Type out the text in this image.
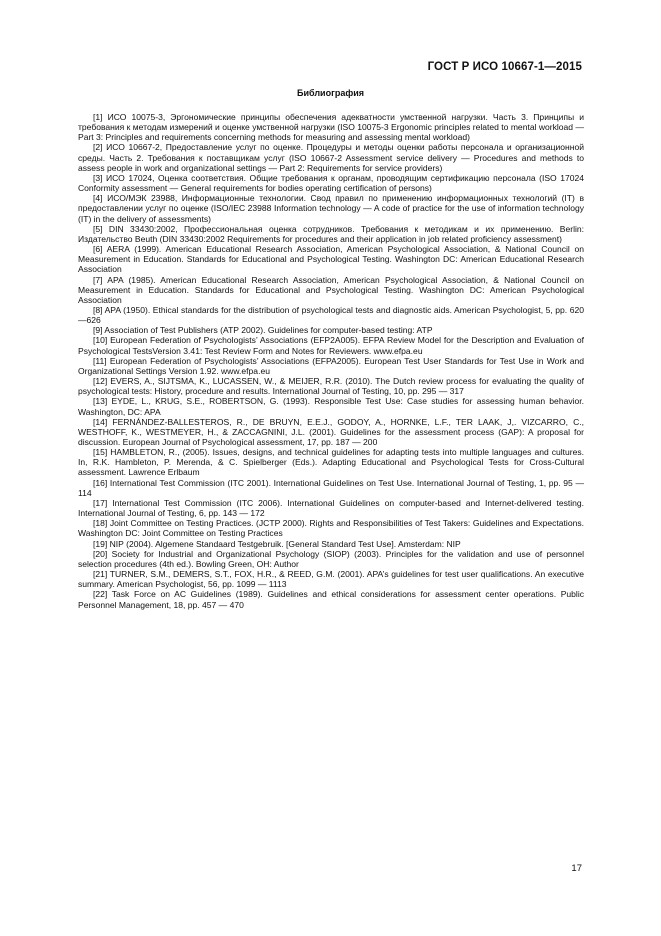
ГОСТ Р ИСО 10667-1—2015
Библиография

[1] ИСО 10075-3, Эргономические принципы обеспечения адекватности умственной нагрузки. Часть 3. Принципы и требования к методам измерений и оценке умственной нагрузки (ISO 10075-3 Ergonomic principles related to mental workload — Part 3: Principles and requirements concerning methods for measuring and assessing mental workload)

[2] ИСО 10667-2, Предоставление услуг по оценке. Процедуры и методы оценки работы персонала и организационной среды. Часть 2. Требования к поставщикам услуг (ISO 10667-2 Assessment service delivery — Procedures and methods to assess people in work and organizational settings — Part 2: Requirements for service providers)

[3] ИСО 17024, Оценка соответствия. Общие требования к органам, проводящим сертификацию персонала (ISO 17024 Conformity assessment — General requirements for bodies operating certification of persons)

[4] ИСО/МЭК 23988, Информационные технологии. Свод правил по применению информационных технологий (IT) в предоставлении услуг по оценке (ISO/IEC 23988 Information technology — A code of practice for the use of information technology (IT) in the delivery of assessments)

[5] DIN 33430:2002, Профессиональная оценка сотрудников. Требования к методикам и их применению. Berlin: Издательство Beuth (DIN 33430:2002 Requirements for procedures and their application in job related proficiency assessment)

[6] AERA (1999). American Educational Research Association, American Psychological Association, & National Council on Measurement in Education. Standards for Educational and Psychological Testing. Washington DC: American Educational Research Association

[7] APA (1985). American Educational Research Association, American Psychological Association, & National Council on Measurement in Education. Standards for Educational and Psychological Testing. Washington DC: American Psychological Association

[8] APA (1950). Ethical standards for the distribution of psychological tests and diagnostic aids. American Psychologist, 5, pp. 620—626

[9] Association of Test Publishers (ATP 2002). Guidelines for computer-based testing: ATP

[10] European Federation of Psychologists’ Associations (EFP2A005). EFPA Review Model for the Description and Evaluation of Psychological TestsVersion 3.41: Test Review Form and Notes for Reviewers. www.efpa.eu

[11] European Federation of Psychologists’ Associations (EFPA2005). European Test User Standards for Test Use in Work and Organizational Settings Version 1.92. www.efpa.eu

[12] EVERS, A., SIJTSMA, K., LUCASSEN, W., & MEIJER, R.R. (2010). The Dutch review process for evaluating the quality of psychological tests: History, procedure and results. International Journal of Testing, 10, pp. 295 — 317

[13] EYDE, L., KRUG, S.E., ROBERTSON, G. (1993). Responsible Test Use: Case studies for assessing human behavior. Washington, DC: APA

[14] FERNÁNDEZ-BALLESTEROS, R., DE BRUYN, E.E.J., GODOY, A., HORNKE, L.F., TER LAAK, J,. VIZCARRO, C., WESTHOFF, K., WESTMEYER, H., & ZACCAGNINI, J.L. (2001). Guidelines for the assessment process (GAP): A proposal for discussion. European Journal of Psychological assessment, 17, pp. 187 — 200

[15] HAMBLETON, R., (2005). Issues, designs, and technical guidelines for adapting tests into multiple languages and cultures. In, R.K. Hambleton, P. Merenda, & C. Spielberger (Eds.). Adapting Educational and Psychological Tests for Cross-Cultural assessment. Lawrence Erlbaum

[16] International Test Commission (ITC 2001). International Guidelines on Test Use. International Journal of Testing, 1, pp. 95 — 114

[17] International Test Commission (ITC 2006). International Guidelines on computer-based and Internet-delivered testing. International Journal of Testing, 6, pp. 143 — 172

[18] Joint Committee on Testing Practices. (JCTP 2000). Rights and Responsibilities of Test Takers: Guidelines and Expectations. Washington DC: Joint Committee on Testing Practices

[19] NIP (2004). Algemene Standaard Testgebruik. [General Standard Test Use]. Amsterdam: NIP

[20] Society for Industrial and Organizational Psychology (SIOP) (2003). Principles for the validation and use of personnel selection procedures (4th ed.). Bowling Green, OH: Author

[21] TURNER, S.M., DEMERS, S.T., FOX, H.R., & REED, G.M. (2001). APA’s guidelines for test user qualifications. An executive summary. American Psychologist, 56, pp. 1099 — 1113

[22] Task Force on AC Guidelines (1989). Guidelines and ethical considerations for assessment center operations. Public Personnel Management, 18, pp. 457 — 470

17
